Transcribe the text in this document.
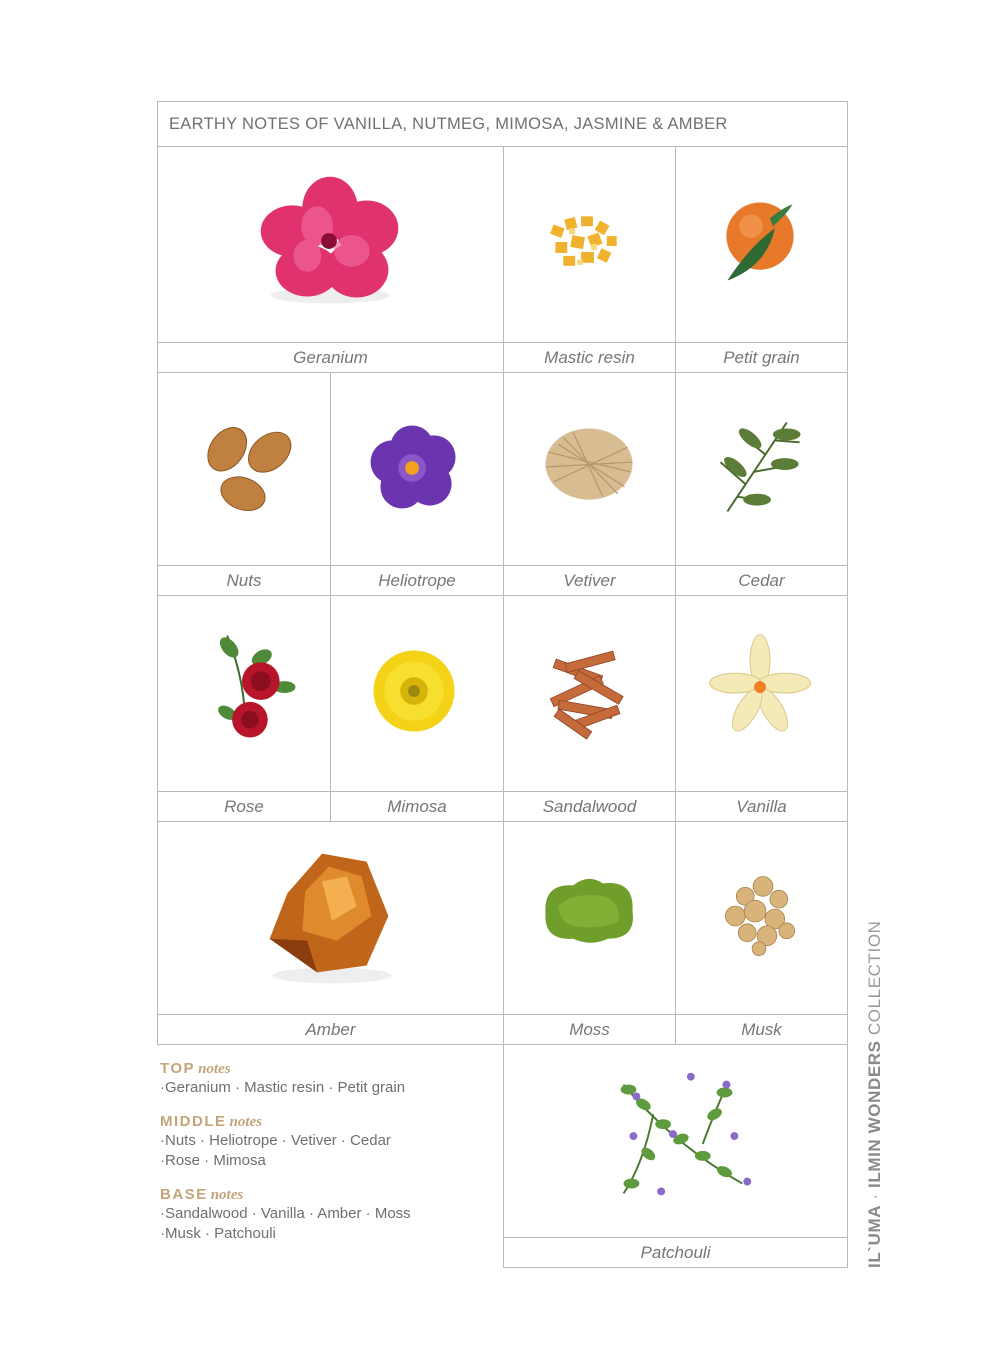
EARTHY NOTES OF VANILLA, NUTMEG, MIMOSA, JASMINE & AMBER
Geranium	Mastic resin	Petit grain
Nuts	Heliotrope	Vetiver	Cedar
Rose	Mimosa	Sandalwood	Vanilla
Amber	Moss	Musk
Patchouli
TOP notes
·Geranium · Mastic resin · Petit grain
MIDDLE notes
·Nuts · Heliotrope · Vetiver · Cedar
·Rose · Mimosa
BASE notes
·Sandalwood · Vanilla · Amber · Moss
·Musk · Patchouli	IL`UMA · ILMIN WONDERS COLLECTION
